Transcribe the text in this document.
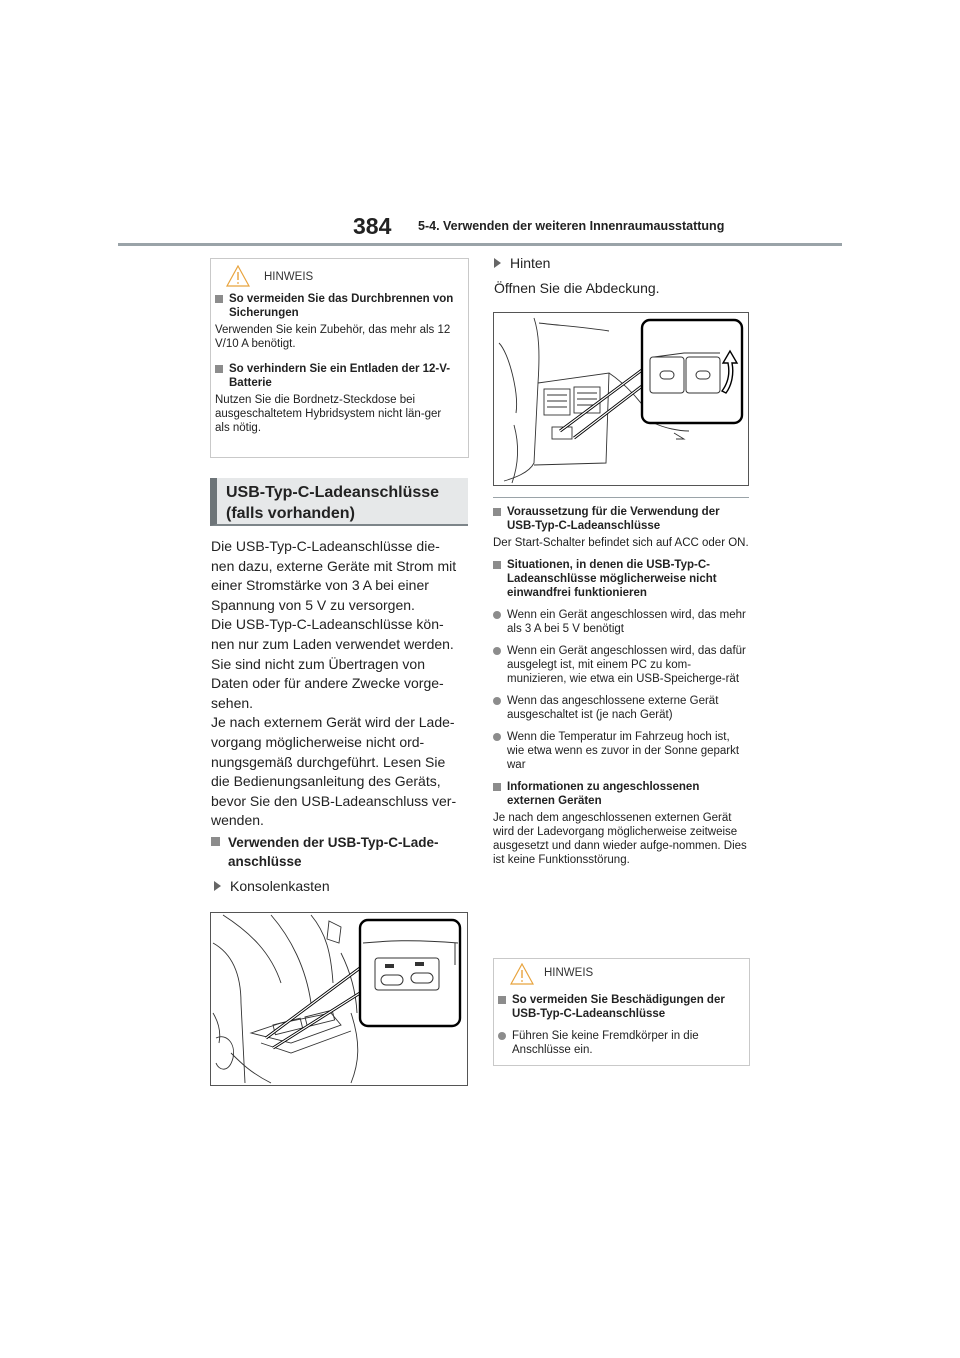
384 5-4. Verwenden der weiteren Innenraumausstattung
HINWEIS
So vermeiden Sie das Durchbrennen von Sicherungen
Verwenden Sie kein Zubehör, das mehr als 12 V/10 A benötigt.
So verhindern Sie ein Entladen der 12-V-Batterie
Nutzen Sie die Bordnetz-Steckdose bei ausgeschaltetem Hybridsystem nicht län-ger als nötig.
USB-Typ-C-Ladeanschlüsse
(falls vorhanden)
Die USB-Typ-C-Ladeanschlüsse die-
nen dazu, externe Geräte mit Strom mit
einer Stromstärke von 3 A bei einer
Spannung von 5 V zu versorgen.
Die USB-Typ-C-Ladeanschlüsse kön-
nen nur zum Laden verwendet werden.
Sie sind nicht zum Übertragen von
Daten oder für andere Zwecke vorge-
sehen.
Je nach externem Gerät wird der Lade-
vorgang möglicherweise nicht ord-
nungsgemäß durchgeführt. Lesen Sie
die Bedienungsanleitung des Geräts,
bevor Sie den USB-Ladeanschluss ver-
wenden.
Verwenden der USB-Typ-C-Lade-
anschlüsse
Konsolenkasten
Hinten
Öffnen Sie die Abdeckung.
Voraussetzung für die Verwendung der USB-Typ-C-Ladeanschlüsse
Der Start-Schalter befindet sich auf ACC oder ON.
Situationen, in denen die USB-Typ-C-Ladeanschlüsse möglicherweise nicht einwandfrei funktionieren
Wenn ein Gerät angeschlossen wird, das mehr als 3 A bei 5 V benötigt
Wenn ein Gerät angeschlossen wird, das dafür ausgelegt ist, mit einem PC zu kom-munizieren, wie etwa ein USB-Speicherge-rät
Wenn das angeschlossene externe Gerät ausgeschaltet ist (je nach Gerät)
Wenn die Temperatur im Fahrzeug hoch ist, wie etwa wenn es zuvor in der Sonne geparkt war
Informationen zu angeschlossenen externen Geräten
Je nach dem angeschlossenen externen Gerät wird der Ladevorgang möglicherweise zeitweise ausgesetzt und dann wieder aufge-nommen. Dies ist keine Funktionsstörung.
HINWEIS
So vermeiden Sie Beschädigungen der USB-Typ-C-Ladeanschlüsse
Führen Sie keine Fremdkörper in die Anschlüsse ein.
